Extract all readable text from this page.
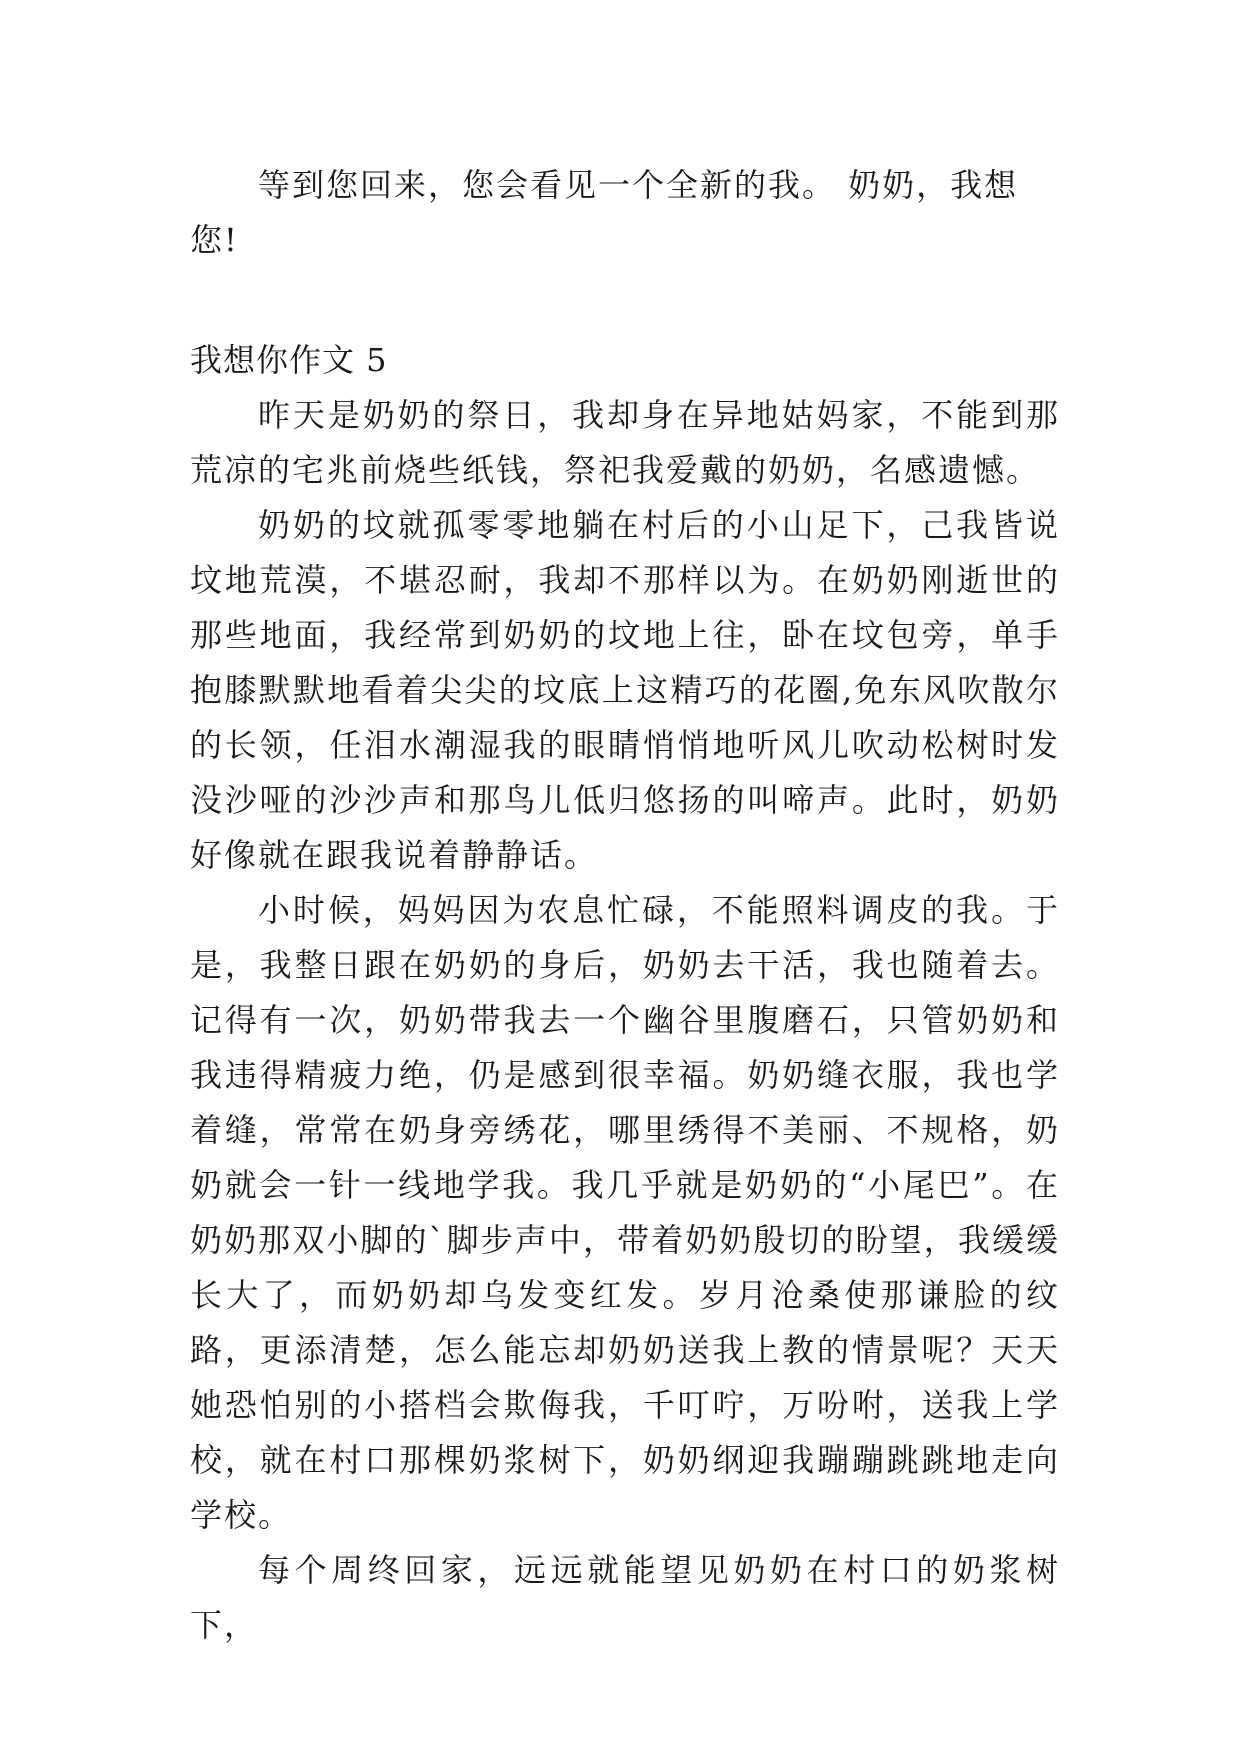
等到您回来，您会看见一个全新的我。 奶奶，我想您!

我想你作文 5

昨天是奶奶的祭日，我却身在异地姑妈家，不能到那荒凉的宅兆前烧些纸钱，祭祀我爱戴的奶奶，名感遗憾。

奶奶的坟就孤零零地躺在村后的小山足下，己我皆说坟地荒漠，不堪忍耐，我却不那样以为。在奶奶刚逝世的那些地面，我经常到奶奶的坟地上往，卧在坟包旁，单手抱膝默默地看着尖尖的坟底上这精巧的花圈,免东风吹散尔的长领，任泪水潮湿我的眼睛悄悄地听风儿吹动松树时发没沙哑的沙沙声和那鸟儿低归悠扬的叫啼声。此时，奶奶好像就在跟我说着静静话。

小时候，妈妈因为农息忙碌，不能照料调皮的我。于是，我整日跟在奶奶的身后，奶奶去干活，我也随着去。记得有一次，奶奶带我去一个幽谷里腹磨石，只管奶奶和我违得精疲力绝，仍是感到很幸福。奶奶缝衣服，我也学着缝，常常在奶身旁绣花，哪里绣得不美丽、不规格，奶奶就会一针一线地学我。我几乎就是奶奶的“小尾巴”。在奶奶那双小脚的`脚步声中，带着奶奶殷切的盼望，我缓缓长大了，而奶奶却乌发变红发。岁月沧桑使那谦脸的纹路，更添清楚，怎么能忘却奶奶送我上教的情景呢？天天她恐怕别的小搭档会欺侮我，千叮咛，万吩咐，送我上学校，就在村口那棵奶浆树下，奶奶纲迎我蹦蹦跳跳地走向学校。

每个周终回家，远远就能望见奶奶在村口的奶浆树下，
